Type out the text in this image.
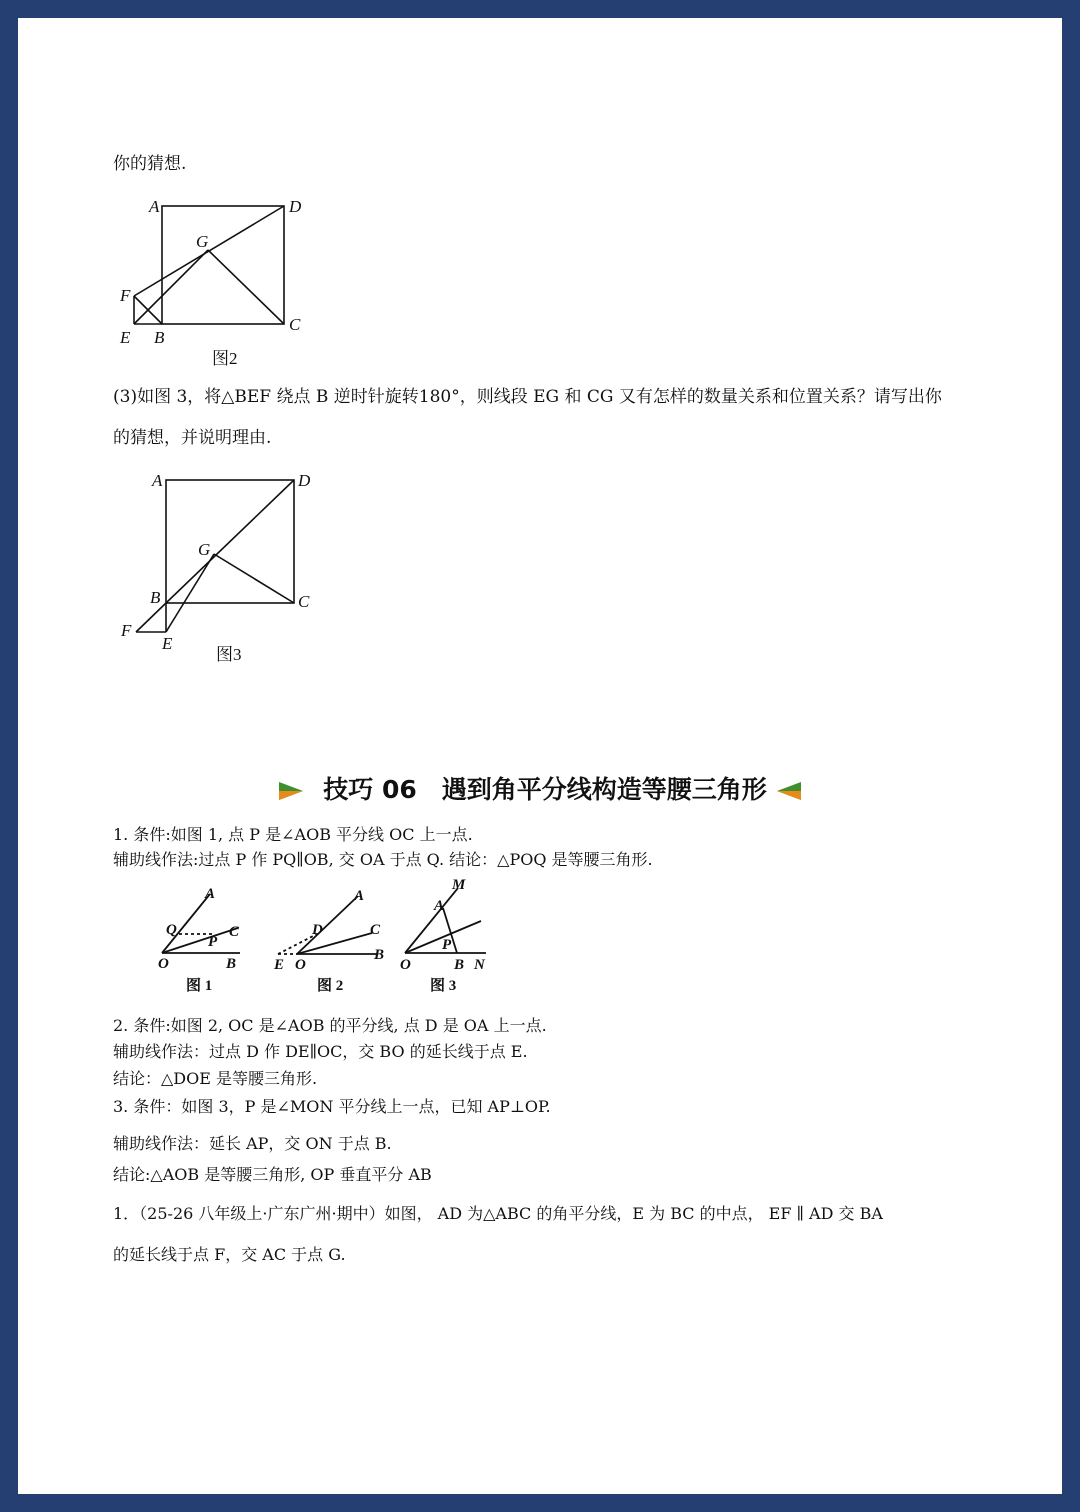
你的猜想.
A	D
G
F
E B
C
图2
(3)如图 3，将△BEF 绕点 B 逆时针旋转180°，则线段 EG 和 CG 又有怎样的数量关系和位置关系？请写出你
的猜想，并说明理由.
A	D
G
B	C
F
E
图3
技巧 06　遇到角平分线构造等腰三角形
1. 条件:如图 1, 点 P 是∠AOB 平分线 OC 上一点.
辅助线作法:过点 P 作 PQ∥OB, 交 OA 于点 Q. 结论：△POQ 是等腰三角形.
A
Q	C
P
O	B
图 1
A
D	C
B
E O
图 2
M
A
P
O	B N
图 3
2. 条件:如图 2, OC 是∠AOB 的平分线, 点 D 是 OA 上一点.
辅助线作法：过点 D 作 DE∥OC，交 BO 的延长线于点 E.
结论：△DOE 是等腰三角形.
3. 条件：如图 3，P 是∠MON 平分线上一点，已知 AP⊥OP.
辅助线作法：延长 AP，交 ON 于点 B.
结论:△AOB 是等腰三角形, OP 垂直平分 AB
1．（25-26 八年级上·广东广州·期中）如图， AD 为△ABC 的角平分线，E 为 BC 的中点， EF ∥ AD 交 BA
的延长线于点 F，交 AC 于点 G.
